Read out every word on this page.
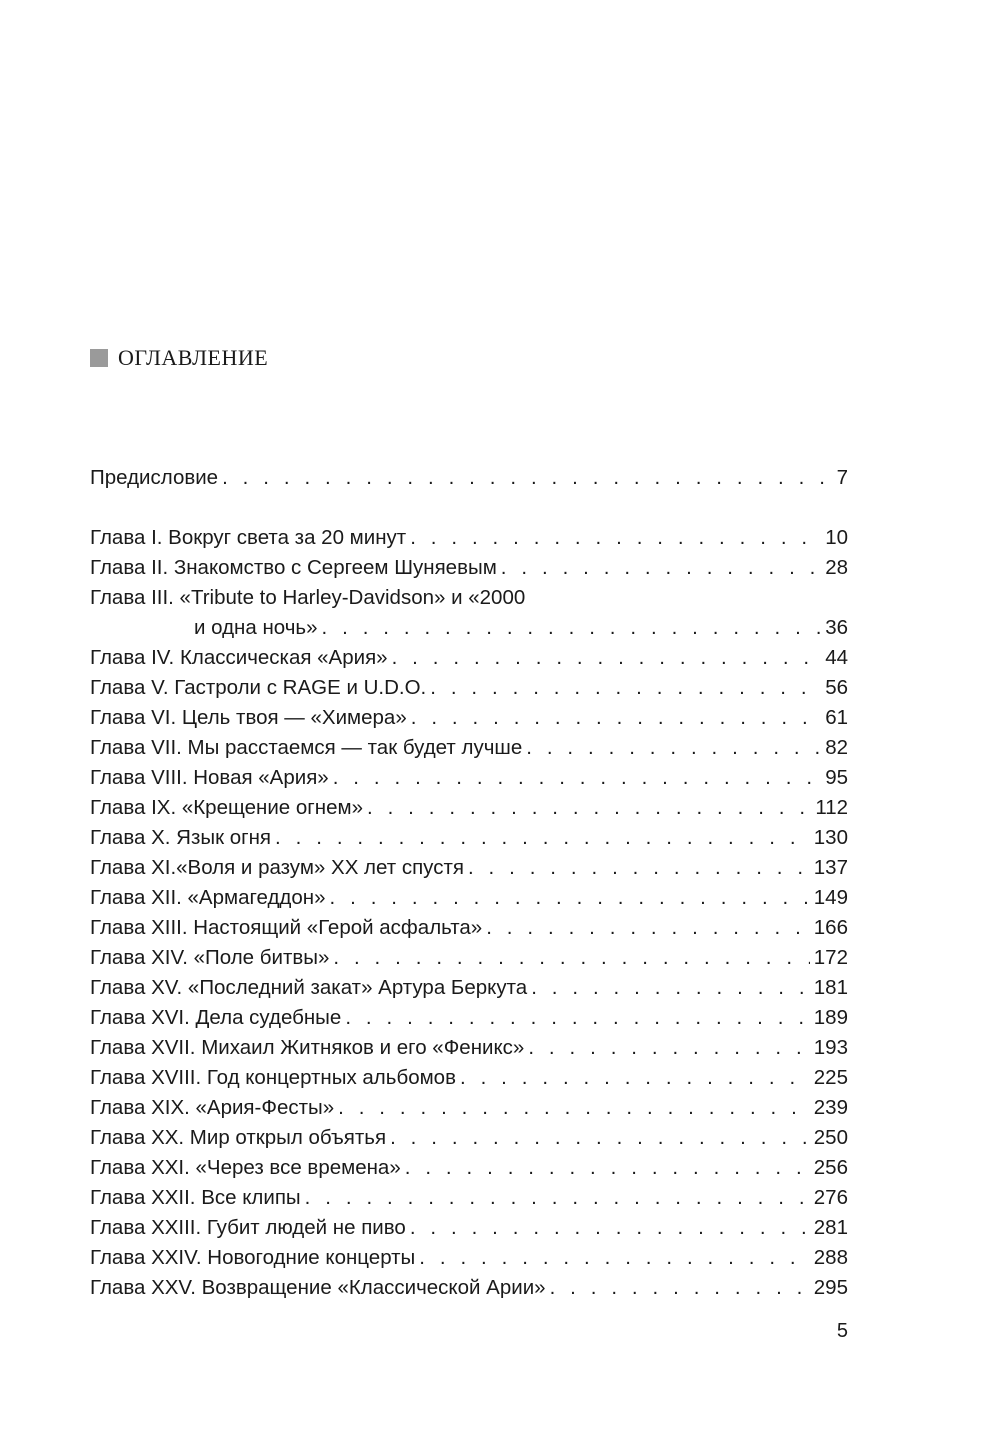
ОГЛАВЛЕНИЕ
Предисловие . . .	7
Глава I. Вокруг света за 20 минут . . .	10
Глава II. Знакомство с Сергеем Шуняевым . . .	28
Глава III. «Tribute to Harley-Davidson» и «2000
и одна ночь» . . .	36
Глава IV. Классическая «Ария» . . .	44
Глава V. Гастроли с RAGE и U.D.O. . . .	56
Глава VI. Цель твоя — «Химера» . . .	61
Глава VII. Мы расстаемся — так будет лучше . . .	82
Глава VIII. Новая «Ария» . . .	95
Глава IX. «Крещение огнем» . . .	112
Глава X. Язык огня . . .	130
Глава XI.«Воля и разум» XX лет спустя . . .	137
Глава XII. «Армагеддон» . . .	149
Глава XIII. Настоящий «Герой асфальта» . . .	166
Глава XIV. «Поле битвы» . . .	172
Глава XV. «Последний закат» Артура Беркута . . .	181
Глава XVI. Дела судебные . . .	189
Глава XVII. Михаил Житняков и его «Феникс» . . .	193
Глава XVIII. Год концертных альбомов . . .	225
Глава XIX. «Ария-Фесты» . . .	239
Глава XX. Мир открыл объятья . . .	250
Глава XXI. «Через все времена» . . .	256
Глава XXII. Все клипы . . .	276
Глава XXIII. Губит людей не пиво . . .	281
Глава XXIV. Новогодние концерты . . .	288
Глава XXV. Возвращение «Классической Арии» . . .	295
5
